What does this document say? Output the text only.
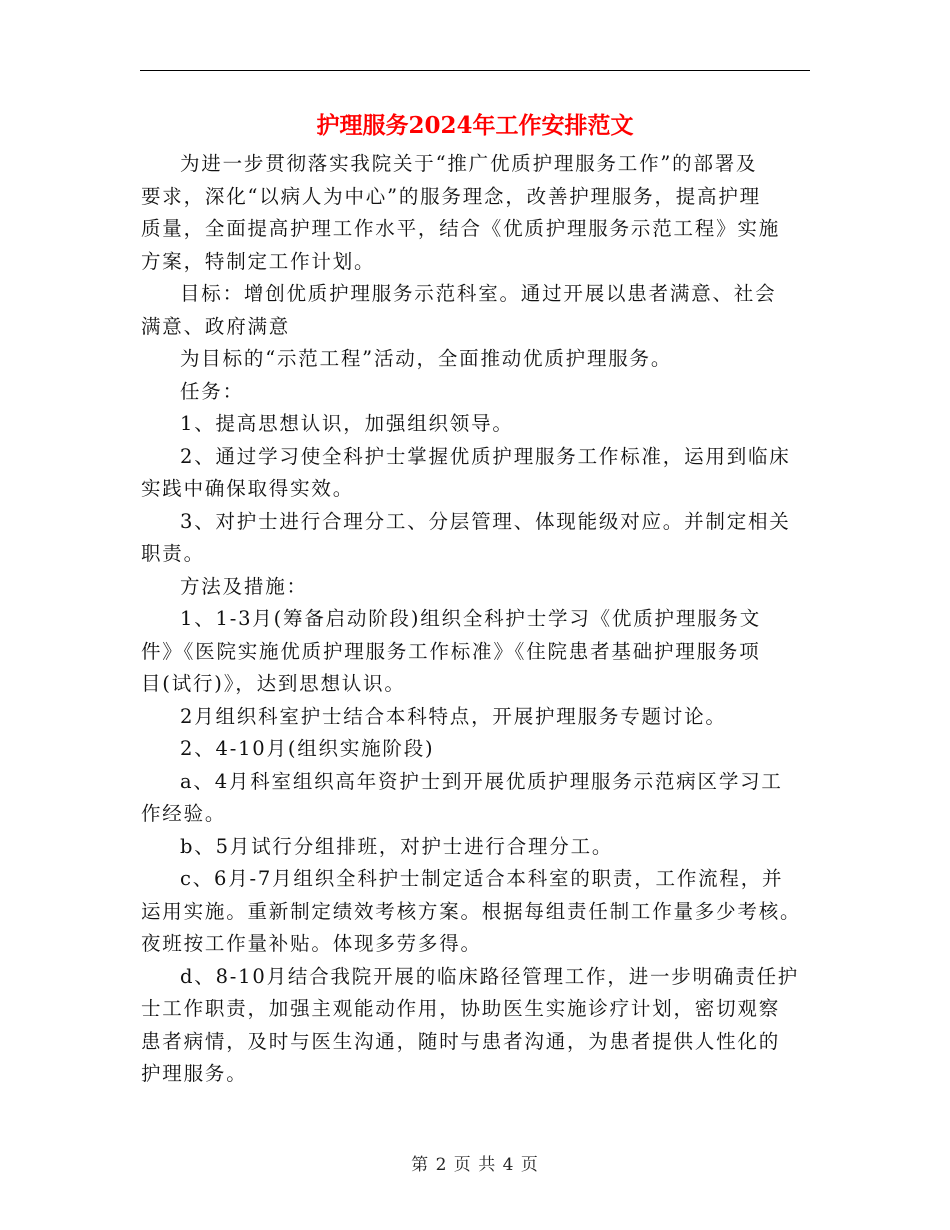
护理服务2024年工作安排范文

为进一步贯彻落实我院关于“推广优质护理服务工作”的部署及
要求，深化“以病人为中心”的服务理念，改善护理服务，提高护理
质量，全面提高护理工作水平，结合《优质护理服务示范工程》实施
方案，特制定工作计划。

目标：增创优质护理服务示范科室。通过开展以患者满意、社会
满意、政府满意

为目标的“示范工程”活动，全面推动优质护理服务。

任务：

1、提高思想认识，加强组织领导。

2、通过学习使全科护士掌握优质护理服务工作标准，运用到临床
实践中确保取得实效。

3、对护士进行合理分工、分层管理、体现能级对应。并制定相关
职责。

方法及措施：

1、1-3月(筹备启动阶段)组织全科护士学习《优质护理服务文
件》《医院实施优质护理服务工作标准》《住院患者基础护理服务项
目(试行)》，达到思想认识。

2月组织科室护士结合本科特点，开展护理服务专题讨论。

2、4-10月(组织实施阶段)

a、4月科室组织高年资护士到开展优质护理服务示范病区学习工
作经验。

b、5月试行分组排班，对护士进行合理分工。

c、6月-7月组织全科护士制定适合本科室的职责，工作流程，并
运用实施。重新制定绩效考核方案。根据每组责任制工作量多少考核。
夜班按工作量补贴。体现多劳多得。

d、8-10月结合我院开展的临床路径管理工作，进一步明确责任护
士工作职责，加强主观能动作用，协助医生实施诊疗计划，密切观察
患者病情，及时与医生沟通，随时与患者沟通，为患者提供人性化的
护理服务。

第 2 页 共 4 页
